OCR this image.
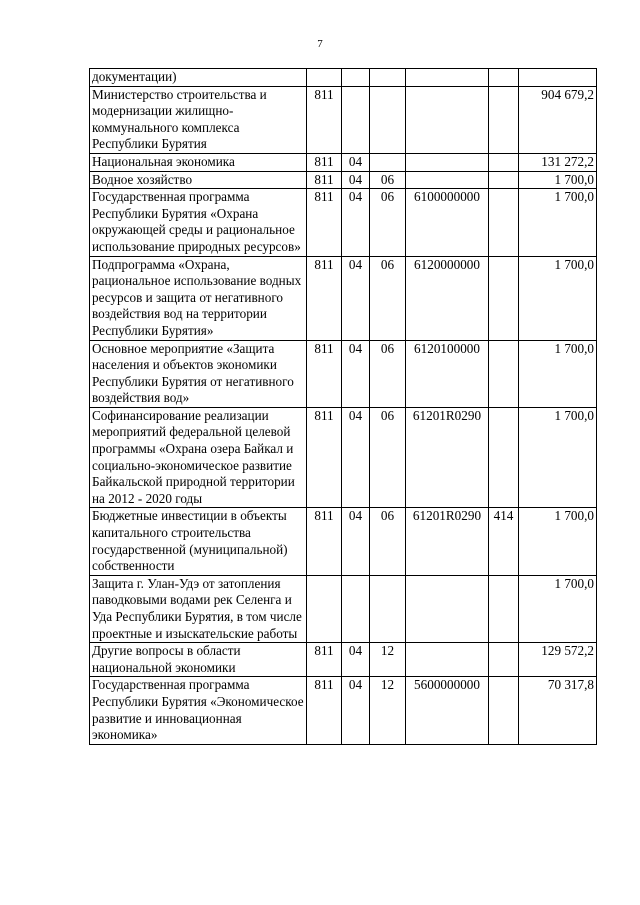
7
документации)						
Министерство строительства и модернизации жилищно-коммунального комплекса Республики Бурятия	811					904 679,2
Национальная экономика	811	04				131 272,2
Водное хозяйство	811	04	06			1 700,0
Государственная программа Республики Бурятия «Охрана окружающей среды и рациональное использование природных ресурсов»	811	04	06	6100000000		1 700,0
Подпрограмма «Охрана, рациональное использование водных ресурсов и защита от негативного воздействия вод на территории Республики Бурятия»	811	04	06	6120000000		1 700,0
Основное мероприятие «Защита населения и объектов экономики Республики Бурятия от негативного воздействия вод»	811	04	06	6120100000		1 700,0
Софинансирование реализации мероприятий федеральной целевой программы «Охрана озера Байкал и социально-экономическое развитие Байкальской природной территории на 2012 - 2020 годы	811	04	06	61201R0290		1 700,0
Бюджетные инвестиции в объекты капитального строительства государственной (муниципальной) собственности	811	04	06	61201R0290	414	1 700,0
Защита г. Улан-Удэ от затопления паводковыми водами рек Селенга и Уда Республики Бурятия, в том числе проектные и изыскательские работы						1 700,0
Другие вопросы в области национальной экономики	811	04	12			129 572,2
Государственная программа Республики Бурятия «Экономическое развитие и инновационная экономика»	811	04	12	5600000000		70 317,8
